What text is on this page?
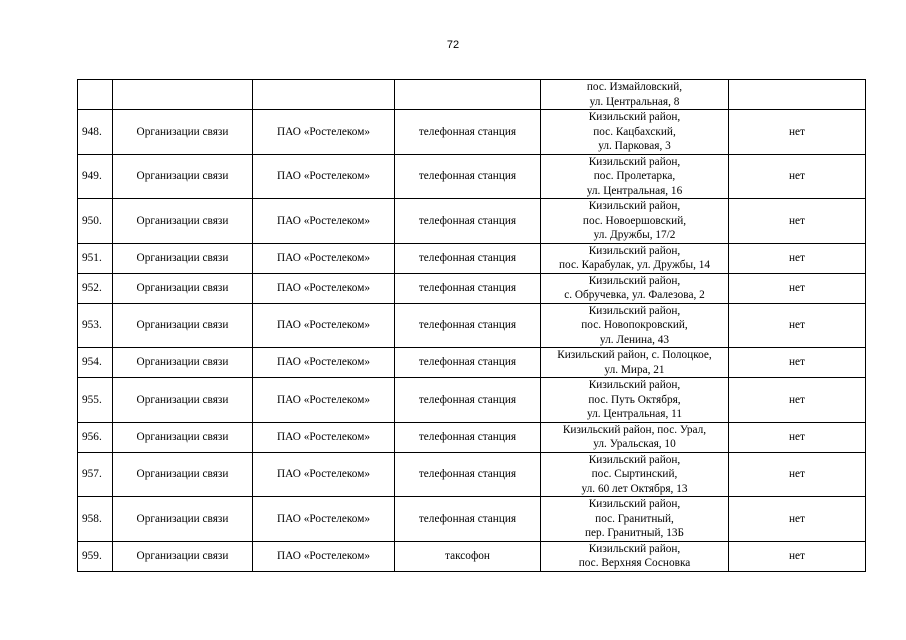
72

				пос. Измайловский,
ул. Центральная, 8	

948.	Организации связи	ПАО «Ростелеком»	телефонная станция	Кизильский район,
пос. Кацбахский,
ул. Парковая, 3	нет
949.	Организации связи	ПАО «Ростелеком»	телефонная станция	Кизильский район,
пос. Пролетарка,
ул. Центральная, 16	нет
950.	Организации связи	ПАО «Ростелеком»	телефонная станция	Кизильский район,
пос. Новоершовский,
ул. Дружбы, 17/2	нет
951.	Организации связи	ПАО «Ростелеком»	телефонная станция	Кизильский район,
пос. Карабулак, ул. Дружбы, 14	нет
952.	Организации связи	ПАО «Ростелеком»	телефонная станция	Кизильский район,
с. Обручевка, ул. Фалезова, 2	нет
953.	Организации связи	ПАО «Ростелеком»	телефонная станция	Кизильский район,
пос. Новопокровский,
ул. Ленина, 43	нет
954.	Организации связи	ПАО «Ростелеком»	телефонная станция	Кизильский район, с. Полоцкое,
ул. Мира, 21	нет
955.	Организации связи	ПАО «Ростелеком»	телефонная станция	Кизильский район,
пос. Путь Октября,
ул. Центральная, 11	нет
956.	Организации связи	ПАО «Ростелеком»	телефонная станция	Кизильский район, пос. Урал,
ул. Уральская, 10	нет
957.	Организации связи	ПАО «Ростелеком»	телефонная станция	Кизильский район,
пос. Сыртинский,
ул. 60 лет Октября, 13	нет
958.	Организации связи	ПАО «Ростелеком»	телефонная станция	Кизильский район,
пос. Гранитный,
пер. Гранитный, 13Б	нет
959.	Организации связи	ПАО «Ростелеком»	таксофон	Кизильский район,
пос. Верхняя Сосновка	нет
